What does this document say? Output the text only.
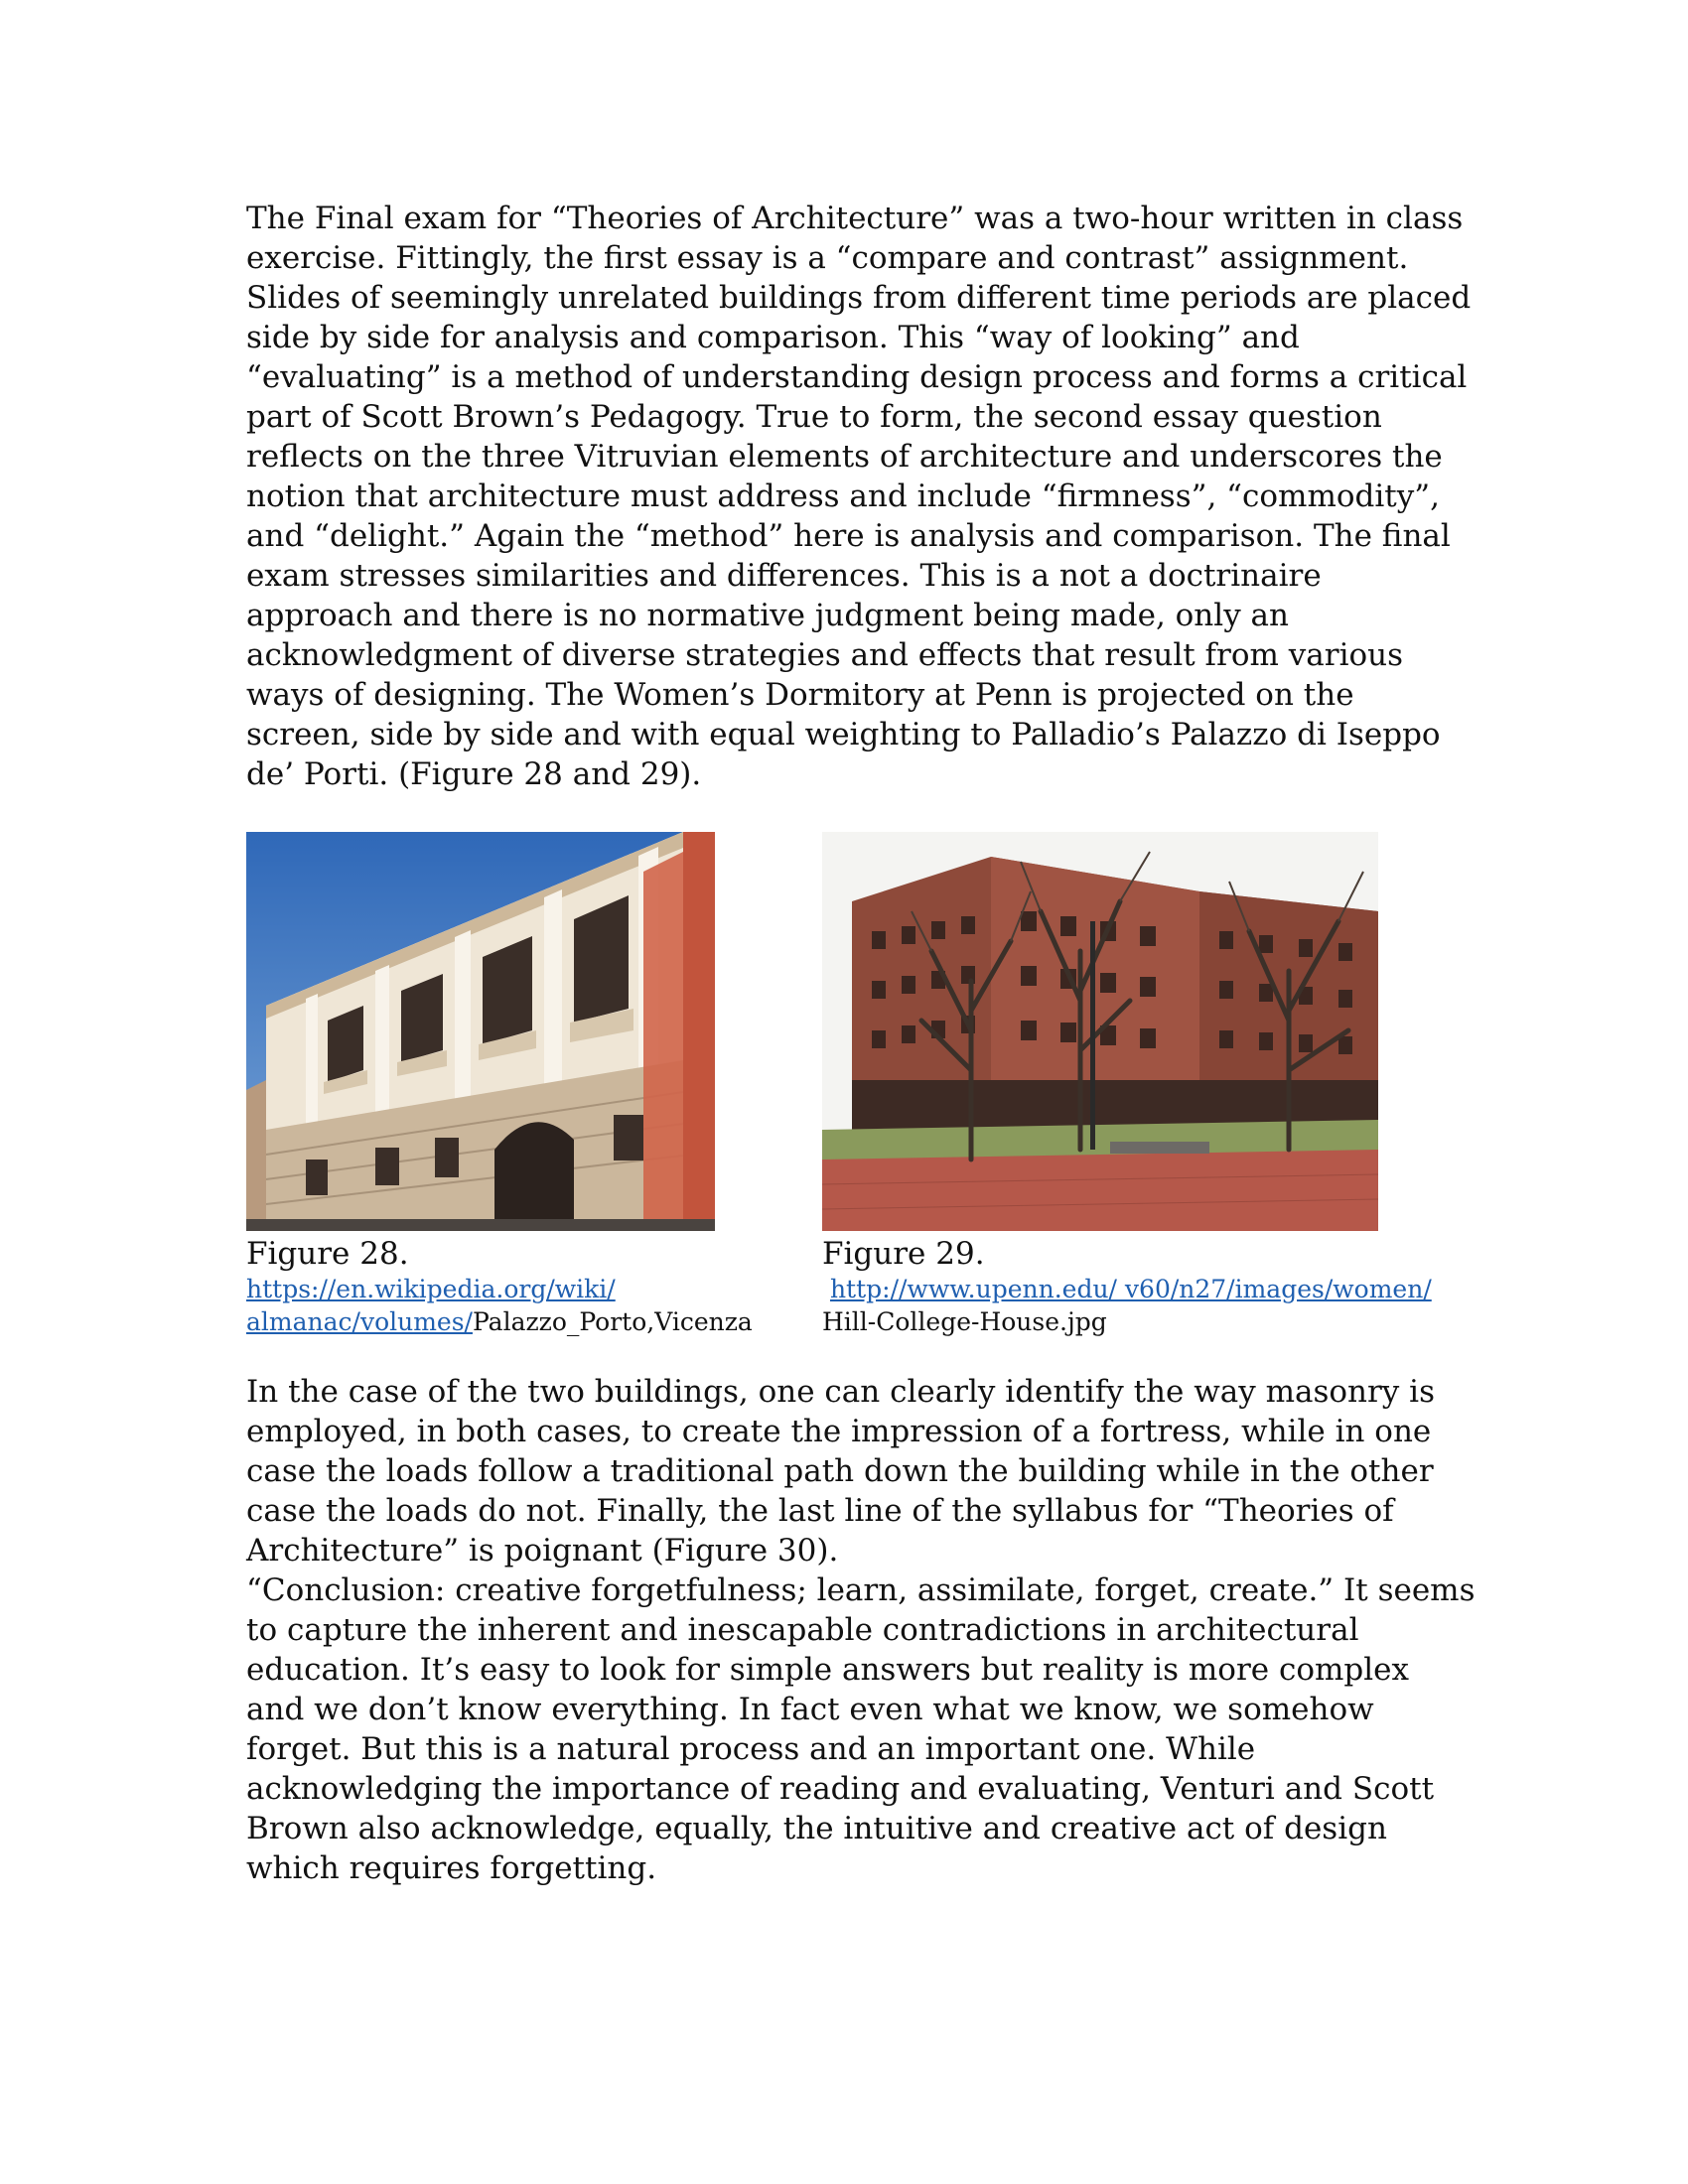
The Final exam for “Theories of Architecture” was a two-hour written in class
exercise. Fittingly, the first essay is a “compare and contrast” assignment.
Slides of seemingly unrelated buildings from different time periods are placed
side by side for analysis and comparison. This “way of looking” and
“evaluating” is a method of understanding design process and forms a critical
part of Scott Brown’s Pedagogy. True to form, the second essay question
reflects on the three Vitruvian elements of architecture and underscores the
notion that architecture must address and include “firmness”, “commodity”,
and “delight.” Again the “method” here is analysis and comparison. The final
exam stresses similarities and differences. This is a not a doctrinaire
approach and there is no normative judgment being made, only an
acknowledgment of diverse strategies and effects that result from various
ways of designing. The Women’s Dormitory at Penn is projected on the
screen, side by side and with equal weighting to Palladio’s Palazzo di Iseppo
de’ Porti. (Figure 28 and 29).

Figure 28.
https://en.wikipedia.org/wiki/
almanac/volumes/Palazzo_Porto,Vicenza
Figure 29.
http://www.upenn.edu/ v60/n27/images/women/
Hill-College-House.jpg

In the case of the two buildings, one can clearly identify the way masonry is
employed, in both cases, to create the impression of a fortress, while in one
case the loads follow a traditional path down the building while in the other
case the loads do not. Finally, the last line of the syllabus for “Theories of
Architecture” is poignant (Figure 30).

“Conclusion: creative forgetfulness; learn, assimilate, forget, create.” It seems
to capture the inherent and inescapable contradictions in architectural
education. It’s easy to look for simple answers but reality is more complex
and we don’t know everything. In fact even what we know, we somehow
forget. But this is a natural process and an important one. While
acknowledging the importance of reading and evaluating, Venturi and Scott
Brown also acknowledge, equally, the intuitive and creative act of design
which requires forgetting.
